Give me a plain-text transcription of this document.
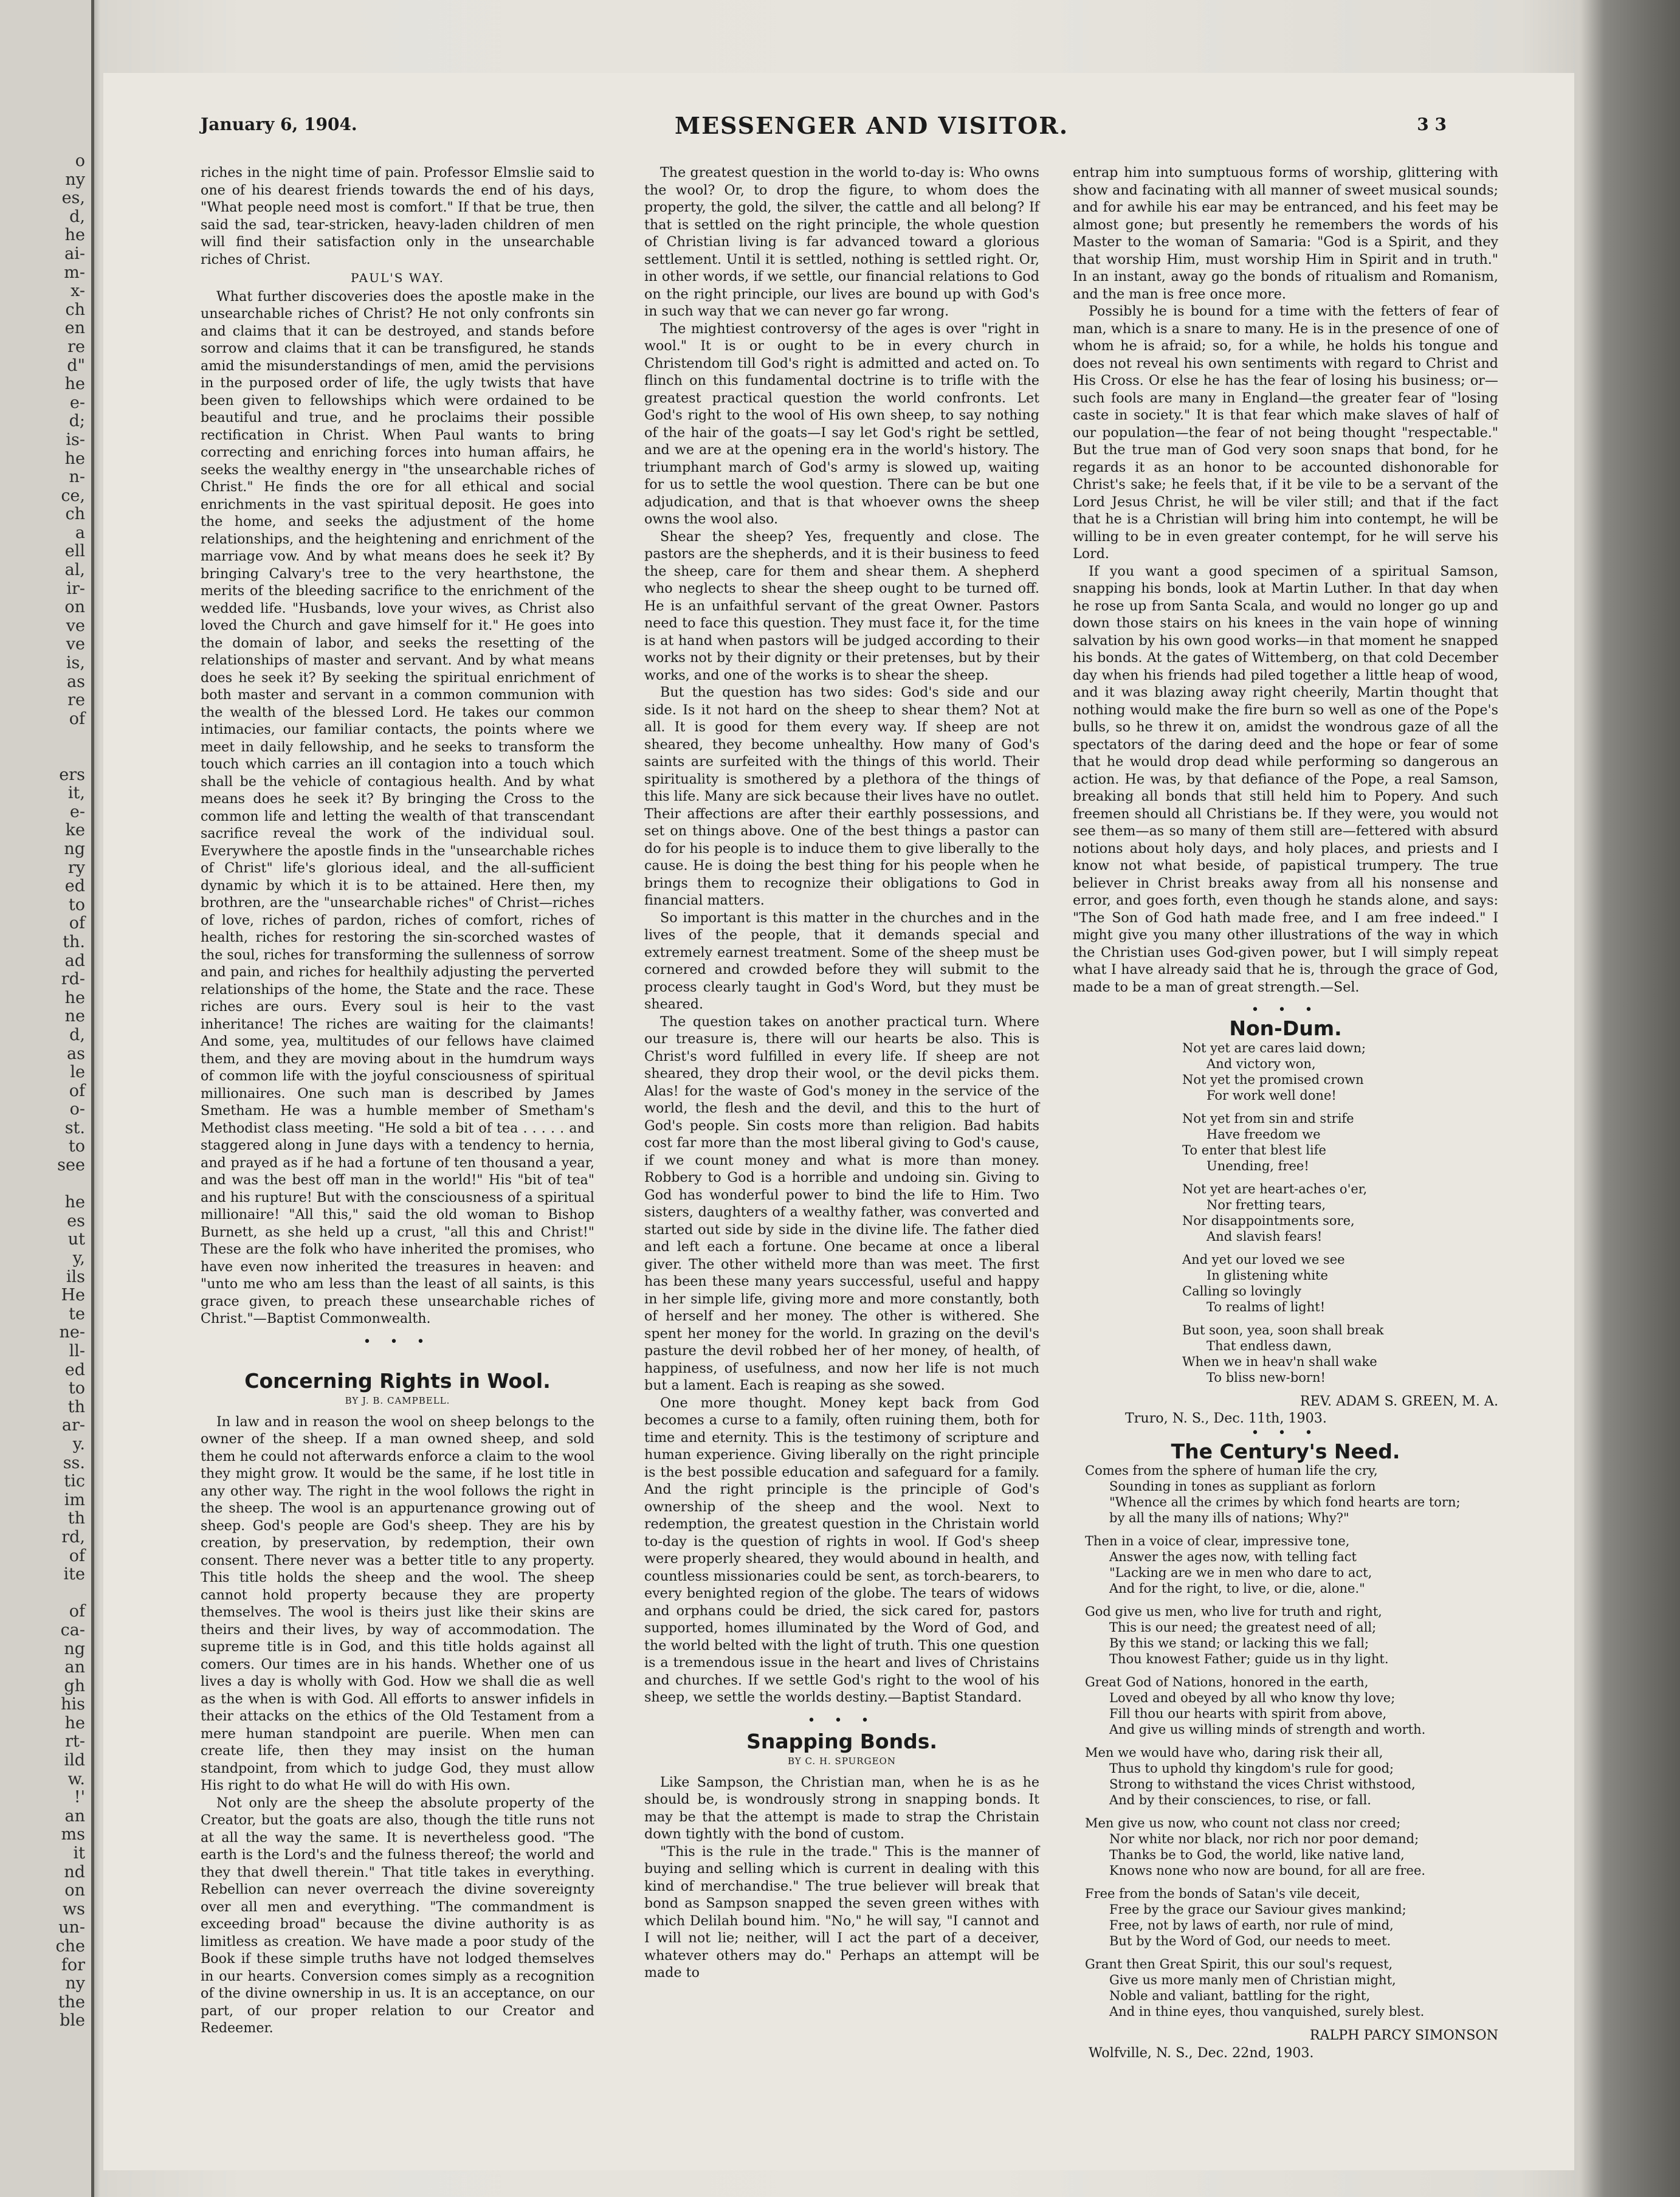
o
ny
es,
d,
he
ai-
m-
x-
ch
en
re
d"
he
e-
d;
is-
he
n-
ce,
ch
a
ell
al,
ir-
on
ve
ve
is,
as
re
of

ers
it,
e-
ke
ng
ry
ed
to
of
th.
ad
rd-
he
ne
d,
as
le
of
o-
st.
to
see

he
es
ut
y,
ils
He
te
ne-
ll-
ed
to
th
ar-
y.
ss.
tic
im
th
rd,
of
ite

of
ca-
ng
an
gh
his
he
rt-
ild
w.
!'
an
ms
it
nd
on
ws
un-
che
for
ny
the
ble
January 6, 1904.	MESSENGER AND VISITOR.	3 3

riches in the night time of pain. Professor Elmslie said to one of his dearest friends towards the end of his days, "What people need most is comfort." If that be true, then said the sad, tear-stricken, heavy-laden children of men will find their satisfaction only in the unsearchable riches of Christ.

PAUL'S WAY.

What further discoveries does the apostle make in the unsearchable riches of Christ? He not only confronts sin and claims that it can be destroyed, and stands before sorrow and claims that it can be transfigured, he stands amid the misunderstandings of men, amid the pervisions in the purposed order of life, the ugly twists that have been given to fellowships which were ordained to be beautiful and true, and he proclaims their possible rectification in Christ. When Paul wants to bring correcting and enriching forces into human affairs, he seeks the wealthy energy in "the unsearchable riches of Christ." He finds the ore for all ethical and social enrichments in the vast spiritual deposit. He goes into the home, and seeks the adjustment of the home relationships, and the heightening and enrichment of the marriage vow. And by what means does he seek it? By bringing Calvary's tree to the very hearthstone, the merits of the bleeding sacrifice to the enrichment of the wedded life. "Husbands, love your wives, as Christ also loved the Church and gave himself for it." He goes into the domain of labor, and seeks the resetting of the relationships of master and servant. And by what means does he seek it? By seeking the spiritual enrichment of both master and servant in a common communion with the wealth of the blessed Lord. He takes our common intimacies, our familiar contacts, the points where we meet in daily fellowship, and he seeks to transform the touch which carries an ill contagion into a touch which shall be the vehicle of contagious health. And by what means does he seek it? By bringing the Cross to the common life and letting the wealth of that transcendant sacrifice reveal the work of the individual soul. Everywhere the apostle finds in the "unsearchable riches of Christ" life's glorious ideal, and the all-sufficient dynamic by which it is to be attained. Here then, my brothren, are the "unsearchable riches" of Christ—riches of love, riches of pardon, riches of comfort, riches of health, riches for restoring the sin-scorched wastes of the soul, riches for transforming the sullenness of sorrow and pain, and riches for healthily adjusting the perverted relationships of the home, the State and the race. These riches are ours. Every soul is heir to the vast inheritance! The riches are waiting for the claimants! And some, yea, multitudes of our fellows have claimed them, and they are moving about in the humdrum ways of common life with the joyful consciousness of spiritual millionaires. One such man is described by James Smetham. He was a humble member of Smetham's Methodist class meeting. "He sold a bit of tea . . . . . and staggered along in June days with a tendency to hernia, and prayed as if he had a fortune of ten thousand a year, and was the best off man in the world!" His "bit of tea" and his rupture! But with the consciousness of a spiritual millionaire! "All this," said the old woman to Bishop Burnett, as she held up a crust, "all this and Christ!" These are the folk who have inherited the promises, who have even now inherited the treasures in heaven: and "unto me who am less than the least of all saints, is this grace given, to preach these unsearchable riches of Christ."—Baptist Commonwealth.

• • •
Concerning Rights in Wool.
BY J. B. CAMPBELL.

In law and in reason the wool on sheep belongs to the owner of the sheep. If a man owned sheep, and sold them he could not afterwards enforce a claim to the wool they might grow. It would be the same, if he lost title in any other way. The right in the wool follows the right in the sheep. The wool is an appurtenance growing out of sheep. God's people are God's sheep. They are his by creation, by preservation, by redemption, their own consent. There never was a better title to any property. This title holds the sheep and the wool. The sheep cannot hold property because they are property themselves. The wool is theirs just like their skins are theirs and their lives, by way of accommodation. The supreme title is in God, and this title holds against all comers. Our times are in his hands. Whether one of us lives a day is wholly with God. How we shall die as well as the when is with God. All efforts to answer infidels in their attacks on the ethics of the Old Testament from a mere human standpoint are puerile. When men can create life, then they may insist on the human standpoint, from which to judge God, they must allow His right to do what He will do with His own.

Not only are the sheep the absolute property of the Creator, but the goats are also, though the title runs not at all the way the same. It is nevertheless good. "The earth is the Lord's and the fulness thereof; the world and they that dwell therein." That title takes in everything. Rebellion can never overreach the divine sovereignty over all men and everything. "The commandment is exceeding broad" because the divine authority is as limitless as creation. We have made a poor study of the Book if these simple truths have not lodged themselves in our hearts. Conversion comes simply as a recognition of the divine ownership in us. It is an acceptance, on our part, of our proper relation to our Creator and Redeemer.

The greatest question in the world to-day is: Who owns the wool? Or, to drop the figure, to whom does the property, the gold, the silver, the cattle and all belong? If that is settled on the right principle, the whole question of Christian living is far advanced toward a glorious settlement. Until it is settled, nothing is settled right. Or, in other words, if we settle, our financial relations to God on the right principle, our lives are bound up with God's in such way that we can never go far wrong.

The mightiest controversy of the ages is over "right in wool." It is or ought to be in every church in Christendom till God's right is admitted and acted on. To flinch on this fundamental doctrine is to trifle with the greatest practical question the world confronts. Let God's right to the wool of His own sheep, to say nothing of the hair of the goats—I say let God's right be settled, and we are at the opening era in the world's history. The triumphant march of God's army is slowed up, waiting for us to settle the wool question. There can be but one adjudication, and that is that whoever owns the sheep owns the wool also.

Shear the sheep? Yes, frequently and close. The pastors are the shepherds, and it is their business to feed the sheep, care for them and shear them. A shepherd who neglects to shear the sheep ought to be turned off. He is an unfaithful servant of the great Owner. Pastors need to face this question. They must face it, for the time is at hand when pastors will be judged according to their works not by their dignity or their pretenses, but by their works, and one of the works is to shear the sheep.

But the question has two sides: God's side and our side. Is it not hard on the sheep to shear them? Not at all. It is good for them every way. If sheep are not sheared, they become unhealthy. How many of God's saints are surfeited with the things of this world. Their spirituality is smothered by a plethora of the things of this life. Many are sick because their lives have no outlet. Their affections are after their earthly possessions, and set on things above. One of the best things a pastor can do for his people is to induce them to give liberally to the cause. He is doing the best thing for his people when he brings them to recognize their obligations to God in financial matters.

So important is this matter in the churches and in the lives of the people, that it demands special and extremely earnest treatment. Some of the sheep must be cornered and crowded before they will submit to the process clearly taught in God's Word, but they must be sheared.

The question takes on another practical turn. Where our treasure is, there will our hearts be also. This is Christ's word fulfilled in every life. If sheep are not sheared, they drop their wool, or the devil picks them. Alas! for the waste of God's money in the service of the world, the flesh and the devil, and this to the hurt of God's people. Sin costs more than religion. Bad habits cost far more than the most liberal giving to God's cause, if we count money and what is more than money. Robbery to God is a horrible and undoing sin. Giving to God has wonderful power to bind the life to Him. Two sisters, daughters of a wealthy father, was converted and started out side by side in the divine life. The father died and left each a fortune. One became at once a liberal giver. The other witheld more than was meet. The first has been these many years successful, useful and happy in her simple life, giving more and more constantly, both of herself and her money. The other is withered. She spent her money for the world. In grazing on the devil's pasture the devil robbed her of her money, of health, of happiness, of usefulness, and now her life is not much but a lament. Each is reaping as she sowed.

One more thought. Money kept back from God becomes a curse to a family, often ruining them, both for time and eternity. This is the testimony of scripture and human experience. Giving liberally on the right principle is the best possible education and safeguard for a family. And the right principle is the principle of God's ownership of the sheep and the wool. Next to redemption, the greatest question in the Christain world to-day is the question of rights in wool. If God's sheep were properly sheared, they would abound in health, and countless missionaries could be sent, as torch-bearers, to every benighted region of the globe. The tears of widows and orphans could be dried, the sick cared for, pastors supported, homes illuminated by the Word of God, and the world belted with the light of truth. This one question is a tremendous issue in the heart and lives of Christains and churches. If we settle God's right to the wool of his sheep, we settle the worlds destiny.—Baptist Standard.

• • •
Snapping Bonds.
BY C. H. SPURGEON

Like Sampson, the Christian man, when he is as he should be, is wondrously strong in snapping bonds. It may be that the attempt is made to strap the Christain down tightly with the bond of custom.

"This is the rule in the trade." This is the manner of buying and selling which is current in dealing with this kind of merchandise." The true believer will break that bond as Sampson snapped the seven green withes with which Delilah bound him. "No," he will say, "I cannot and I will not lie; neither, will I act the part of a deceiver, whatever others may do." Perhaps an attempt will be made to

entrap him into sumptuous forms of worship, glittering with show and facinating with all manner of sweet musical sounds; and for awhile his ear may be entranced, and his feet may be almost gone; but presently he remembers the words of his Master to the woman of Samaria: "God is a Spirit, and they that worship Him, must worship Him in Spirit and in truth." In an instant, away go the bonds of ritualism and Romanism, and the man is free once more.

Possibly he is bound for a time with the fetters of fear of man, which is a snare to many. He is in the presence of one of whom he is afraid; so, for a while, he holds his tongue and does not reveal his own sentiments with regard to Christ and His Cross. Or else he has the fear of losing his business; or—such fools are many in England—the greater fear of "losing caste in society." It is that fear which make slaves of half of our population—the fear of not being thought "respectable." But the true man of God very soon snaps that bond, for he regards it as an honor to be accounted dishonorable for Christ's sake; he feels that, if it be vile to be a servant of the Lord Jesus Christ, he will be viler still; and that if the fact that he is a Christian will bring him into contempt, he will be willing to be in even greater contempt, for he will serve his Lord.

If you want a good specimen of a spiritual Samson, snapping his bonds, look at Martin Luther. In that day when he rose up from Santa Scala, and would no longer go up and down those stairs on his knees in the vain hope of winning salvation by his own good works—in that moment he snapped his bonds. At the gates of Wittemberg, on that cold December day when his friends had piled together a little heap of wood, and it was blazing away right cheerily, Martin thought that nothing would make the fire burn so well as one of the Pope's bulls, so he threw it on, amidst the wondrous gaze of all the spectators of the daring deed and the hope or fear of some that he would drop dead while performing so dangerous an action. He was, by that defiance of the Pope, a real Samson, breaking all bonds that still held him to Popery. And such freemen should all Christians be. If they were, you would not see them—as so many of them still are—fettered with absurd notions about holy days, and holy places, and priests and I know not what beside, of papistical trumpery. The true believer in Christ breaks away from all his nonsense and error, and goes forth, even though he stands alone, and says: "The Son of God hath made free, and I am free indeed." I might give you many other illustrations of the way in which the Christian uses God-given power, but I will simply repeat what I have already said that he is, through the grace of God, made to be a man of great strength.—Sel.

• • •
Non-Dum.
Not yet are cares laid down;
And victory won,
Not yet the promised crown
For work well done!
Not yet from sin and strife
Have freedom we
To enter that blest life
Unending, free!
Not yet are heart-aches o'er,
Nor fretting tears,
Nor disappointments sore,
And slavish fears!
And yet our loved we see
In glistening white
Calling so lovingly
To realms of light!
But soon, yea, soon shall break
That endless dawn,
When we in heav'n shall wake
To bliss new-born!
REV. ADAM S. GREEN, M. A.

Truro, N. S., Dec. 11th, 1903.

• • •
The Century's Need.
Comes from the sphere of human life the cry,
Sounding in tones as suppliant as forlorn
"Whence all the crimes by which fond hearts are torn;
by all the many ills of nations; Why?"
Then in a voice of clear, impressive tone,
Answer the ages now, with telling fact
"Lacking are we in men who dare to act,
And for the right, to live, or die, alone."
God give us men, who live for truth and right,
This is our need; the greatest need of all;
By this we stand; or lacking this we fall;
Thou knowest Father; guide us in thy light.
Great God of Nations, honored in the earth,
Loved and obeyed by all who know thy love;
Fill thou our hearts with spirit from above,
And give us willing minds of strength and worth.
Men we would have who, daring risk their all,
Thus to uphold thy kingdom's rule for good;
Strong to withstand the vices Christ withstood,
And by their consciences, to rise, or fall.
Men give us now, who count not class nor creed;
Nor white nor black, nor rich nor poor demand;
Thanks be to God, the world, like native land,
Knows none who now are bound, for all are free.
Free from the bonds of Satan's vile deceit,
Free by the grace our Saviour gives mankind;
Free, not by laws of earth, nor rule of mind,
But by the Word of God, our needs to meet.
Grant then Great Spirit, this our soul's request,
Give us more manly men of Christian might,
Noble and valiant, battling for the right,
And in thine eyes, thou vanquished, surely blest.
RALPH PARCY SIMONSON

Wolfville, N. S., Dec. 22nd, 1903.
